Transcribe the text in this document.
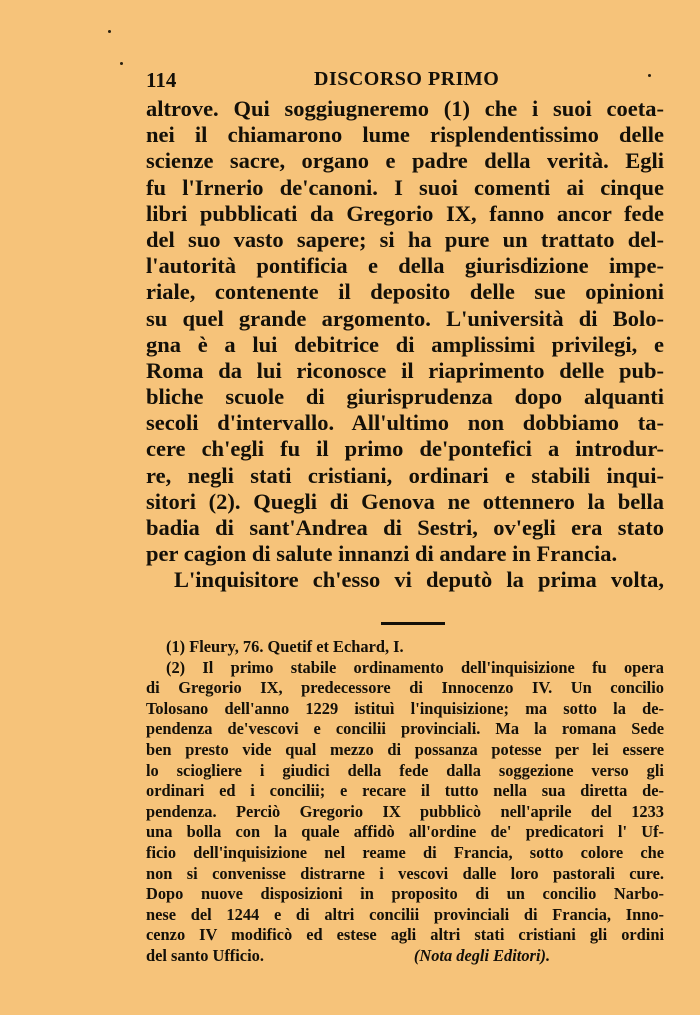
114	DISCORSO PRIMO
altrove. Qui soggiugneremo (1) che i suoi coeta-
nei il chiamarono lume risplendentissimo delle
scienze sacre, organo e padre della verità. Egli
fu l'Irnerio de'canoni. I suoi comenti ai cinque
libri pubblicati da Gregorio IX, fanno ancor fede
del suo vasto sapere; si ha pure un trattato del-
l'autorità pontificia e della giurisdizione impe-
riale, contenente il deposito delle sue opinioni
su quel grande argomento. L'università di Bolo-
gna è a lui debitrice di amplissimi privilegi, e
Roma da lui riconosce il riaprimento delle pub-
bliche scuole di giurisprudenza dopo alquanti
secoli d'intervallo. All'ultimo non dobbiamo ta-
cere ch'egli fu il primo de'pontefici a introdur-
re, negli stati cristiani, ordinari e stabili inqui-
sitori (2). Quegli di Genova ne ottennero la bella
badia di sant'Andrea di Sestri, ov'egli era stato
per cagion di salute innanzi di andare in Francia.
L'inquisitore ch'esso vi deputò la prima volta,
(1) Fleury, 76. Quetif et Echard, I.
(2) Il primo stabile ordinamento dell'inquisizione fu opera
di Gregorio IX, predecessore di Innocenzo IV. Un concilio
Tolosano dell'anno 1229 istituì l'inquisizione; ma sotto la de-
pendenza de'vescovi e concilii provinciali. Ma la romana Sede
ben presto vide qual mezzo di possanza potesse per lei essere
lo sciogliere i giudici della fede dalla soggezione verso gli
ordinari ed i concilii; e recare il tutto nella sua diretta de-
pendenza. Perciò Gregorio IX pubblicò nell'aprile del 1233
una bolla con la quale affidò all'ordine de' predicatori l' Uf-
ficio dell'inquisizione nel reame di Francia, sotto colore che
non si convenisse distrarne i vescovi dalle loro pastorali cure.
Dopo nuove disposizioni in proposito di un concilio Narbo-
nese del 1244 e di altri concilii provinciali di Francia, Inno-
cenzo IV modificò ed estese agli altri stati cristiani gli ordini
del santo Ufficio.	(Nota degli Editori).
